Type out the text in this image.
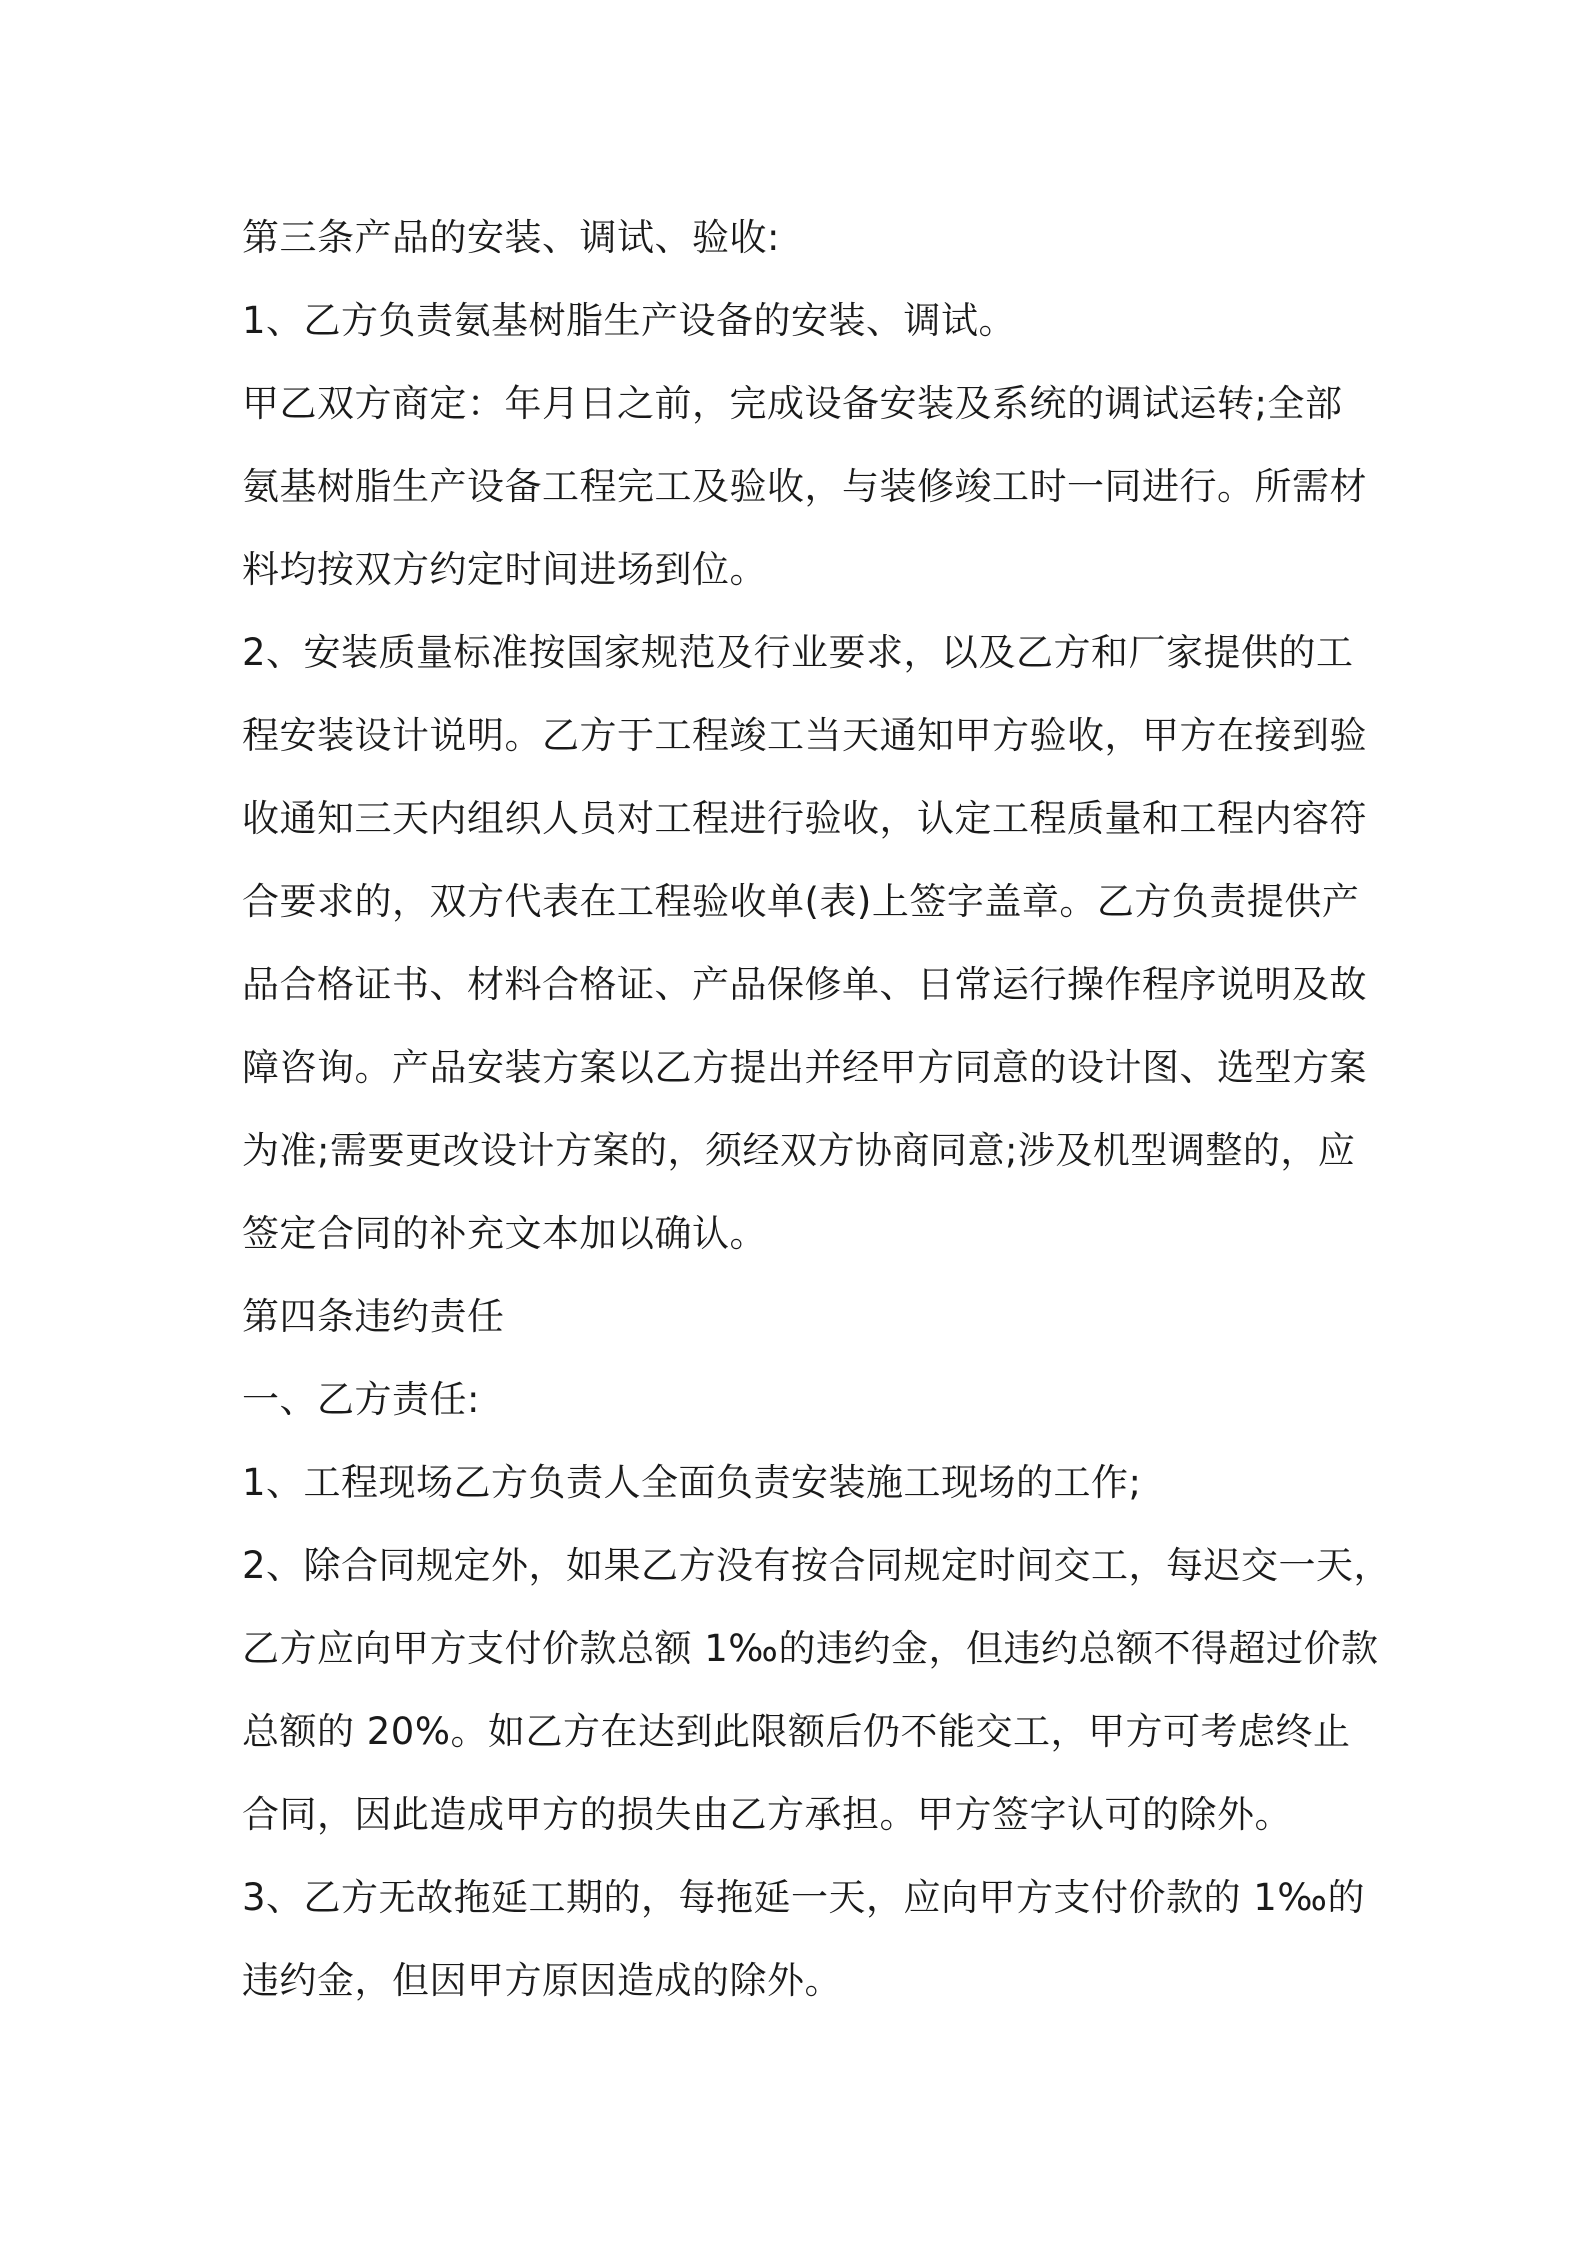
第三条产品的安装、调试、验收:
1、乙方负责氨基树脂生产设备的安装、调试。
甲乙双方商定：年月日之前，完成设备安装及系统的调试运转;全部
氨基树脂生产设备工程完工及验收，与装修竣工时一同进行。所需材
料均按双方约定时间进场到位。
2、安装质量标准按国家规范及行业要求，以及乙方和厂家提供的工
程安装设计说明。乙方于工程竣工当天通知甲方验收，甲方在接到验
收通知三天内组织人员对工程进行验收，认定工程质量和工程内容符
合要求的，双方代表在工程验收单(表)上签字盖章。乙方负责提供产
品合格证书、材料合格证、产品保修单、日常运行操作程序说明及故
障咨询。产品安装方案以乙方提出并经甲方同意的设计图、选型方案
为准;需要更改设计方案的，须经双方协商同意;涉及机型调整的，应
签定合同的补充文本加以确认。
第四条违约责任
一、乙方责任:
1、工程现场乙方负责人全面负责安装施工现场的工作;
2、除合同规定外，如果乙方没有按合同规定时间交工，每迟交一天，
乙方应向甲方支付价款总额 1‰的违约金，但违约总额不得超过价款
总额的 20%。如乙方在达到此限额后仍不能交工，甲方可考虑终止
合同，因此造成甲方的损失由乙方承担。甲方签字认可的除外。
3、乙方无故拖延工期的，每拖延一天，应向甲方支付价款的 1‰的
违约金，但因甲方原因造成的除外。
